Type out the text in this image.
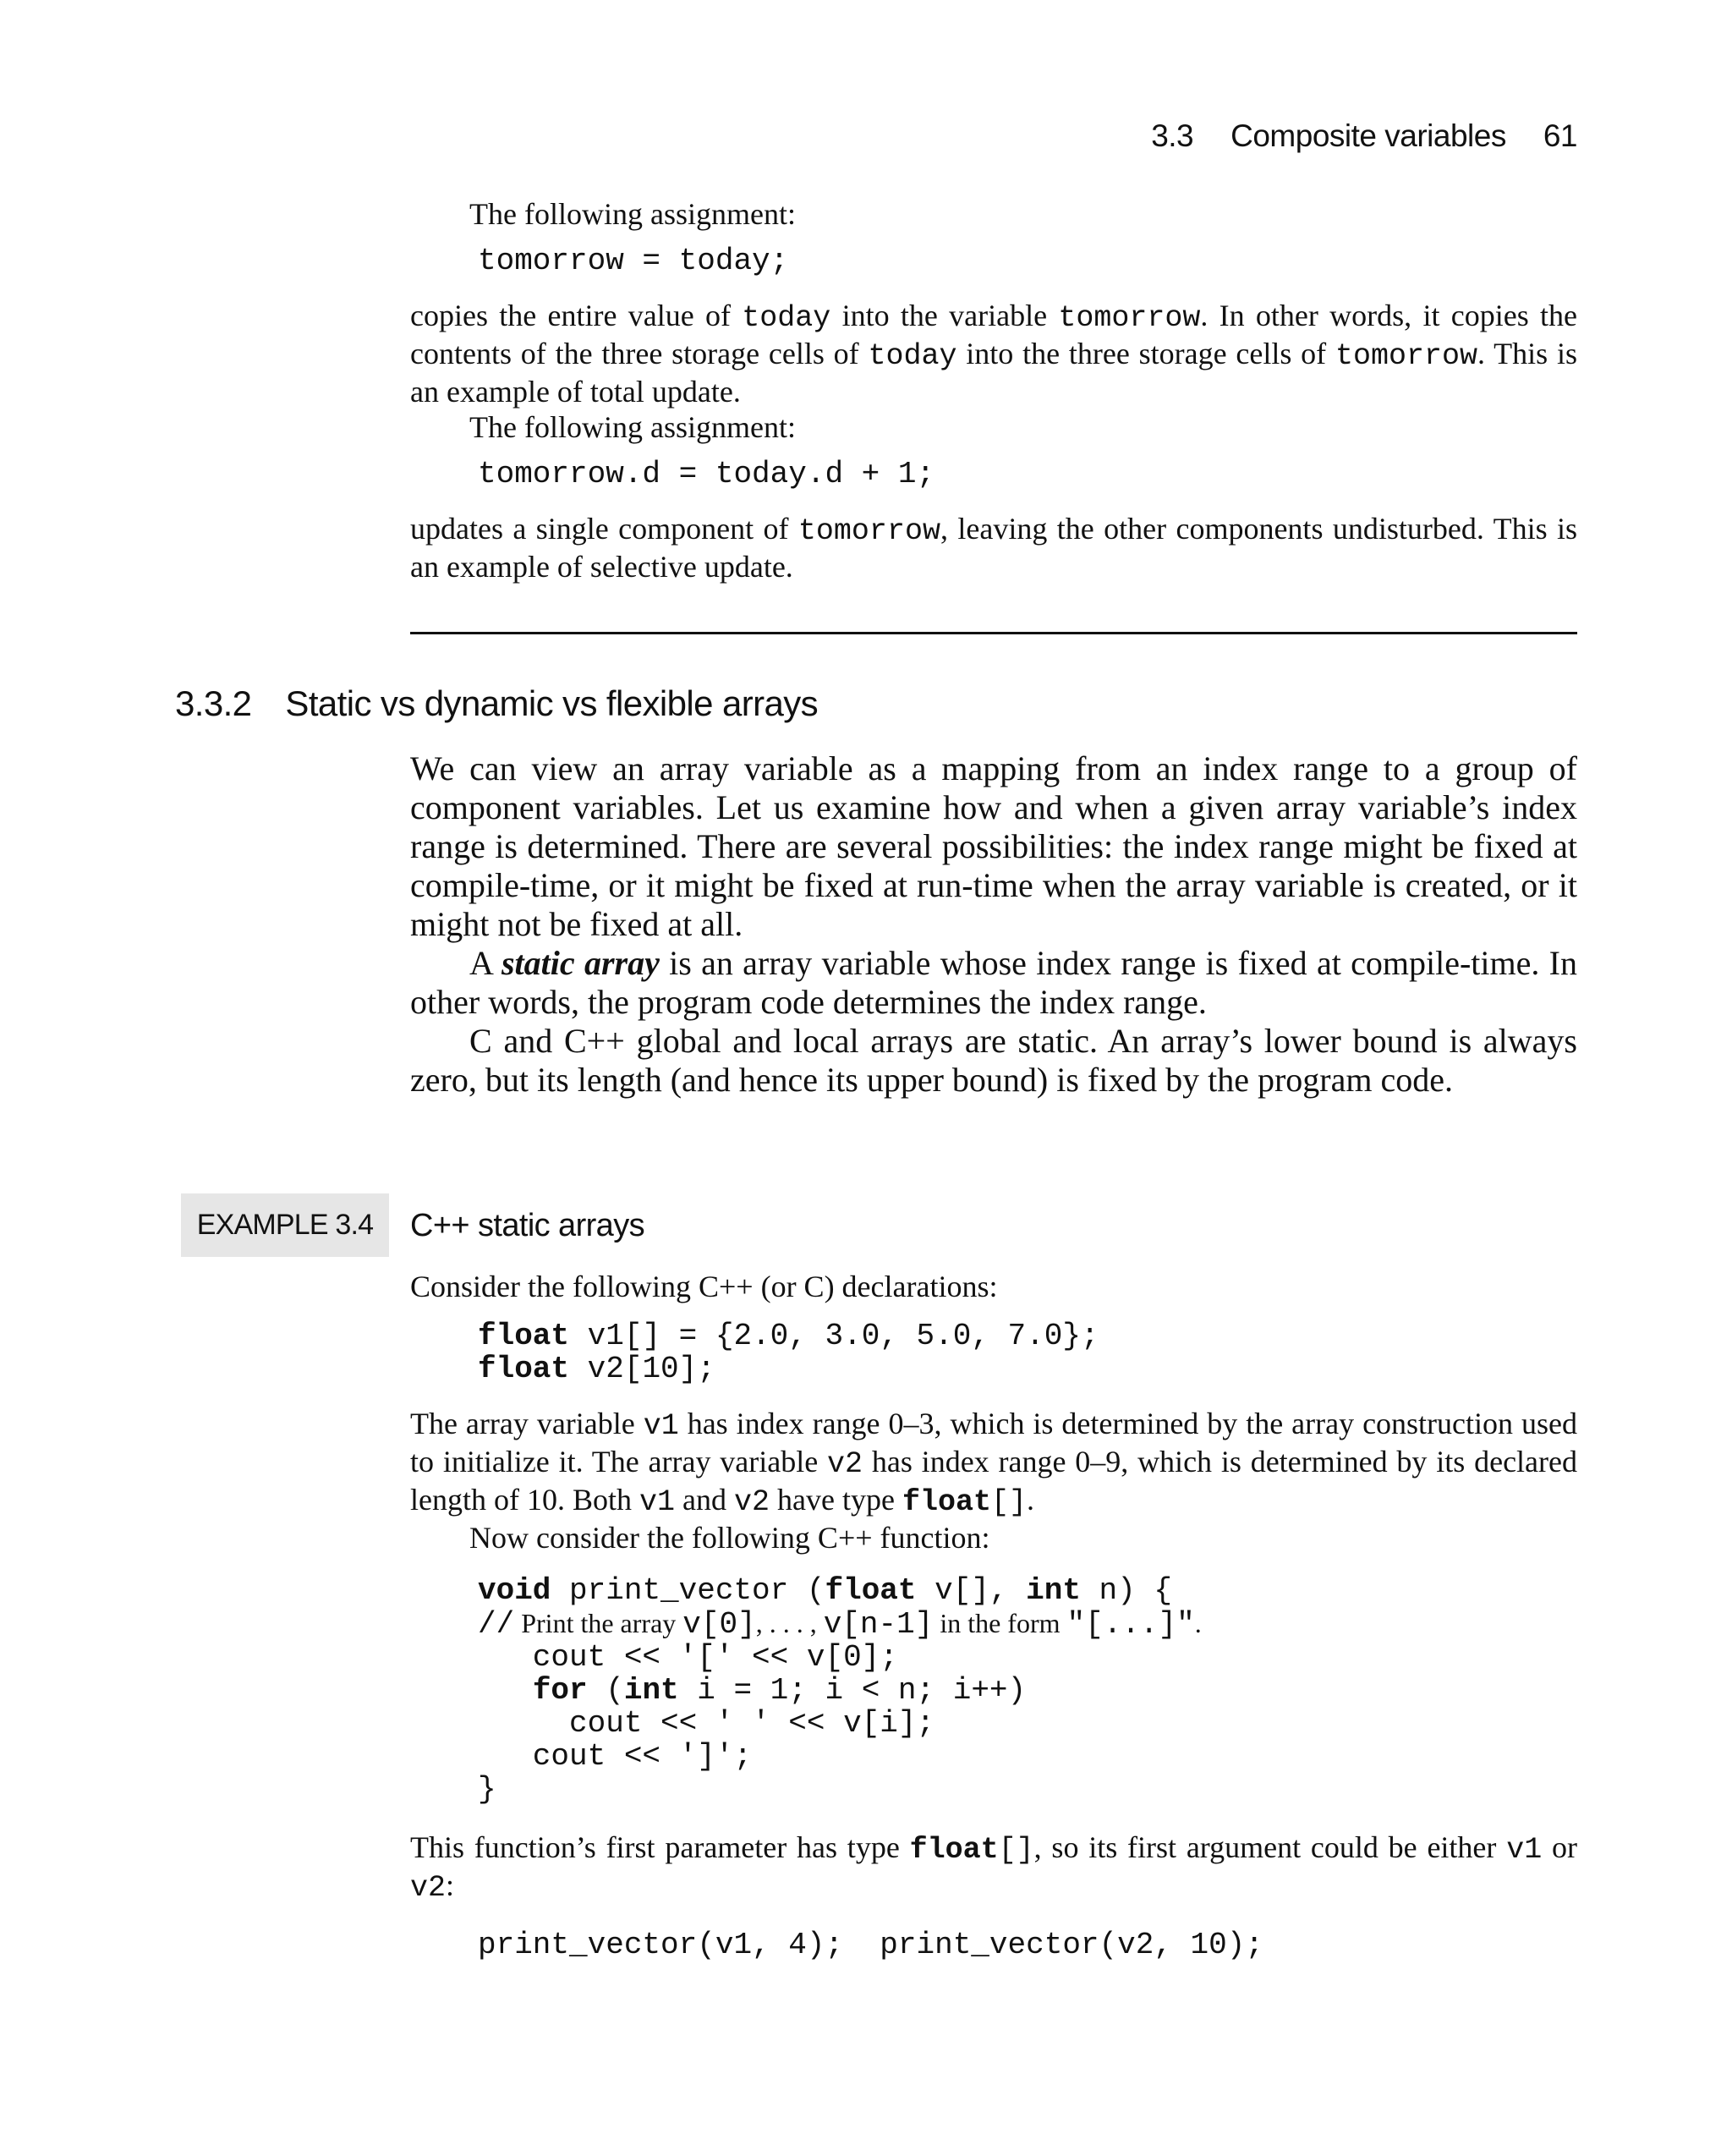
3.3 Composite variables 61

The following assignment:

tomorrow = today;

copies the entire value of today into the variable tomorrow. In other words, it copies the contents of the three storage cells of today into the three storage cells of tomorrow. This is an example of total update.

The following assignment:

tomorrow.d = today.d + 1;

updates a single component of tomorrow, leaving the other components undisturbed. This is an example of selective update.

3.3.2 Static vs dynamic vs flexible arrays

We can view an array variable as a mapping from an index range to a group of component variables. Let us examine how and when a given array variable’s index range is determined. There are several possibilities: the index range might be fixed at compile-time, or it might be fixed at run-time when the array variable is created, or it might not be fixed at all.

A static array is an array variable whose index range is fixed at compile-time. In other words, the program code determines the index range.

C and C++ global and local arrays are static. An array’s lower bound is always zero, but its length (and hence its upper bound) is fixed by the program code.

EXAMPLE 3.4	C++ static arrays

Consider the following C++ (or C) declarations:

float v1[] = {2.0, 3.0, 5.0, 7.0};
float v2[10];

The array variable v1 has index range 0–3, which is determined by the array construction used to initialize it. The array variable v2 has index range 0–9, which is determined by its declared length of 10. Both v1 and v2 have type float[].

Now consider the following C++ function:

void print_vector (float v[], int n) {
// Print the array v[0], . . . , v[n-1] in the form "[...]".
cout << '[' << v[0];
for (int i = 1; i < n; i++)
cout << ' ' << v[i];
cout << ']';
}

This function’s first parameter has type float[], so its first argument could be either v1 or v2:

print_vector(v1, 4);  print_vector(v2, 10);
